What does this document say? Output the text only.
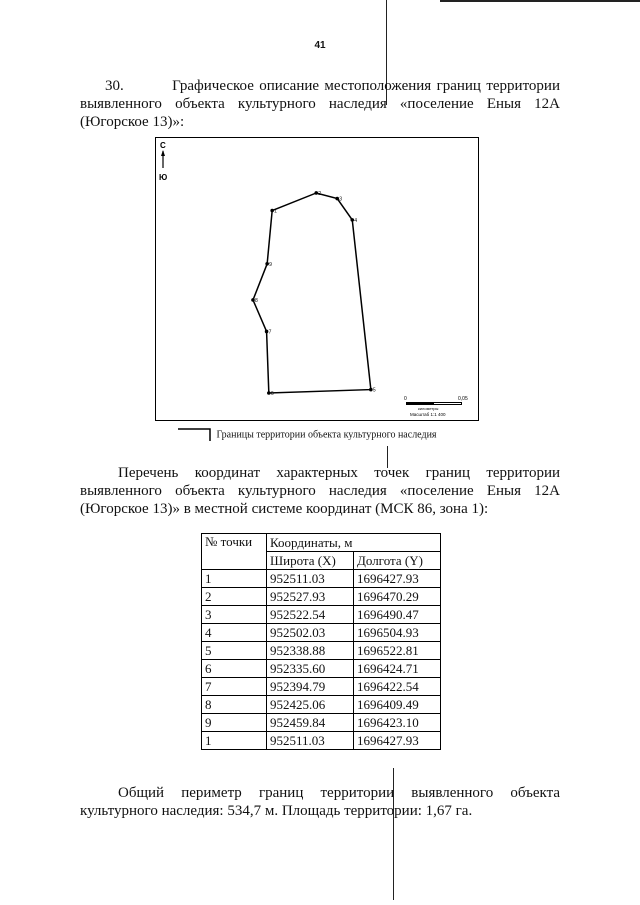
41
30.	Графическое описание местоположения границ территории
выявленного объекта культурного наследия «поселение Еныя 12А
(Югорское 13)»:
С
Ю
1
2
3
4
5
6
7
8
9
0	0,05
километры
Масштаб 1:1 400
Границы территории объекта культурного наследия
Перечень координат характерных точек границ территории
выявленного объекта культурного наследия «поселение Еныя 12А
(Югорское 13)» в местной системе координат (МСК 86, зона 1):
№ точки	Координаты, м	
	Широта (X)	Долгота (Y)
1	952511.03	1696427.93
2	952527.93	1696470.29
3	952522.54	1696490.47
4	952502.03	1696504.93
5	952338.88	1696522.81
6	952335.60	1696424.71
7	952394.79	1696422.54
8	952425.06	1696409.49
9	952459.84	1696423.10
1	952511.03	1696427.93
Общий периметр границ территории выявленного объекта
культурного наследия: 534,7 м. Площадь территории: 1,67 га.
